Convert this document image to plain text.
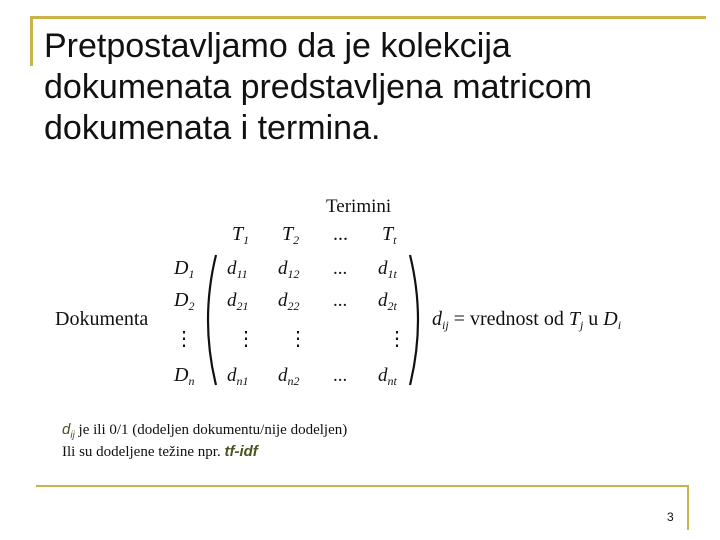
Pretpostavljamo da je kolekcija
dokumenata predstavljena matricom
dokumenata i termina.
Terimini
$T_1$ $T_2$ ... $T_t$
Dokumenta
$D_1$
$D_2$
⋮
$D_n$
$d_{11}$ $d_{12}$ ... $d_{1t}$
$d_{21}$ $d_{22}$ ... $d_{2t}$
⋮ ⋮	⋮
$d_{n1}$ $d_{n2}$ ... $d_{nt}$
$d_{ij}$ = vrednost od $T_j$ u $D_i$
$d_{ij}$ je ili 0/1 (dodeljen dokumentu/nije dodeljen)
Ili su dodeljene težine npr. tf-idf
3
